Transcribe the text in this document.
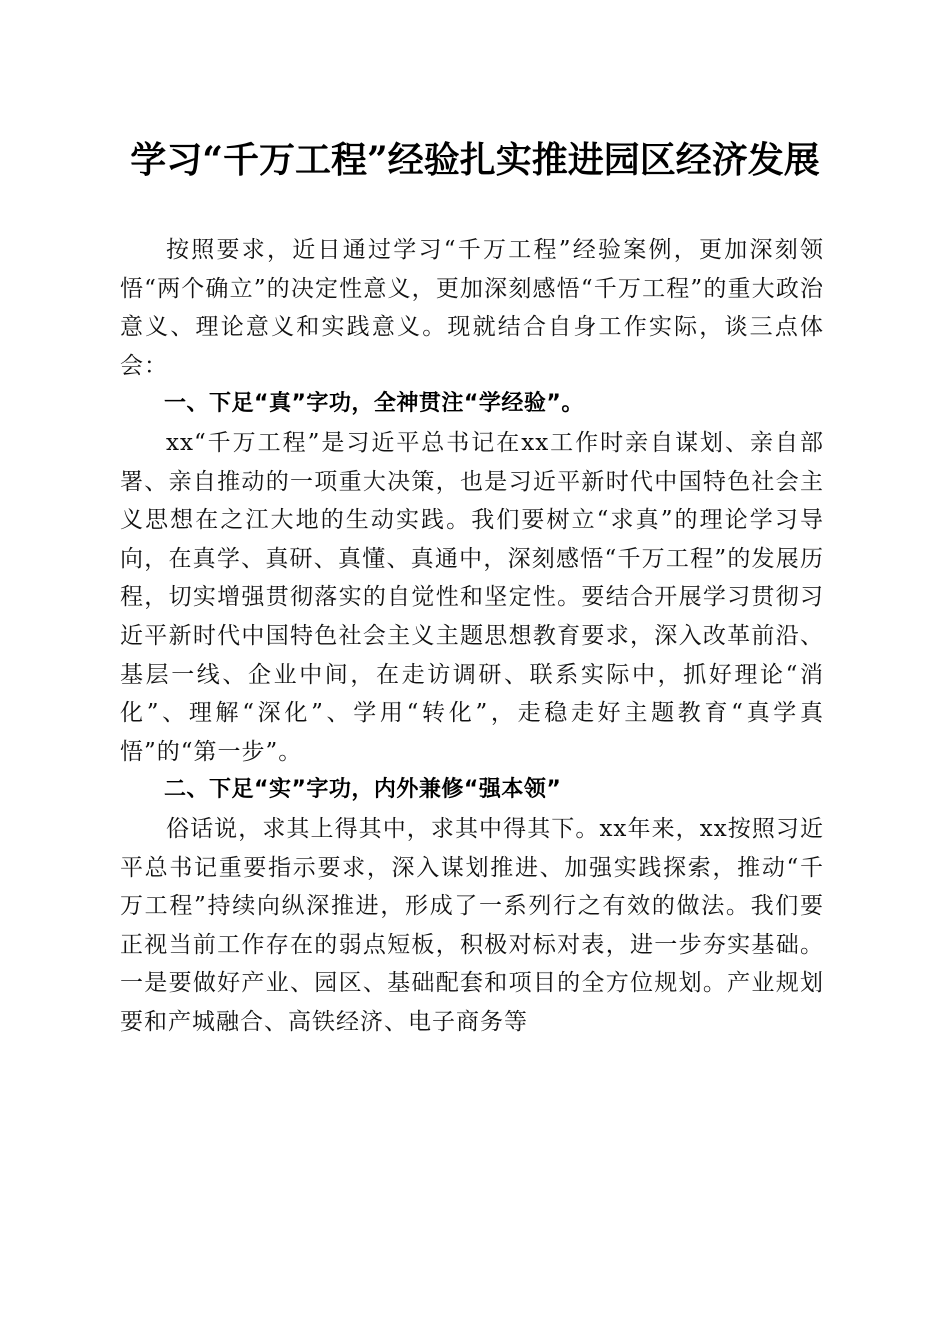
学习“千万工程”经验扎实推进园区经济发展

按照要求，近日通过学习“千万工程”经验案例，更加深刻领悟“两个确立”的决定性意义，更加深刻感悟“千万工程”的重大政治意义、理论意义和实践意义。现就结合自身工作实际，谈三点体会：

一、下足“真”字功，全神贯注“学经验”。

xx“千万工程”是习近平总书记在xx工作时亲自谋划、亲自部署、亲自推动的一项重大决策，也是习近平新时代中国特色社会主义思想在之江大地的生动实践。我们要树立“求真”的理论学习导向，在真学、真研、真懂、真通中，深刻感悟“千万工程”的发展历程，切实增强贯彻落实的自觉性和坚定性。要结合开展学习贯彻习近平新时代中国特色社会主义主题思想教育要求，深入改革前沿、基层一线、企业中间，在走访调研、联系实际中，抓好理论“消化”、理解“深化”、学用“转化”，走稳走好主题教育“真学真悟”的“第一步”。

二、下足“实”字功，内外兼修“强本领”

俗话说，求其上得其中，求其中得其下。xx年来，xx按照习近平总书记重要指示要求，深入谋划推进、加强实践探索，推动“千万工程”持续向纵深推进，形成了一系列行之有效的做法。我们要正视当前工作存在的弱点短板，积极对标对表，进一步夯实基础。一是要做好产业、园区、基础配套和项目的全方位规划。产业规划要和产城融合、高铁经济、电子商务等
